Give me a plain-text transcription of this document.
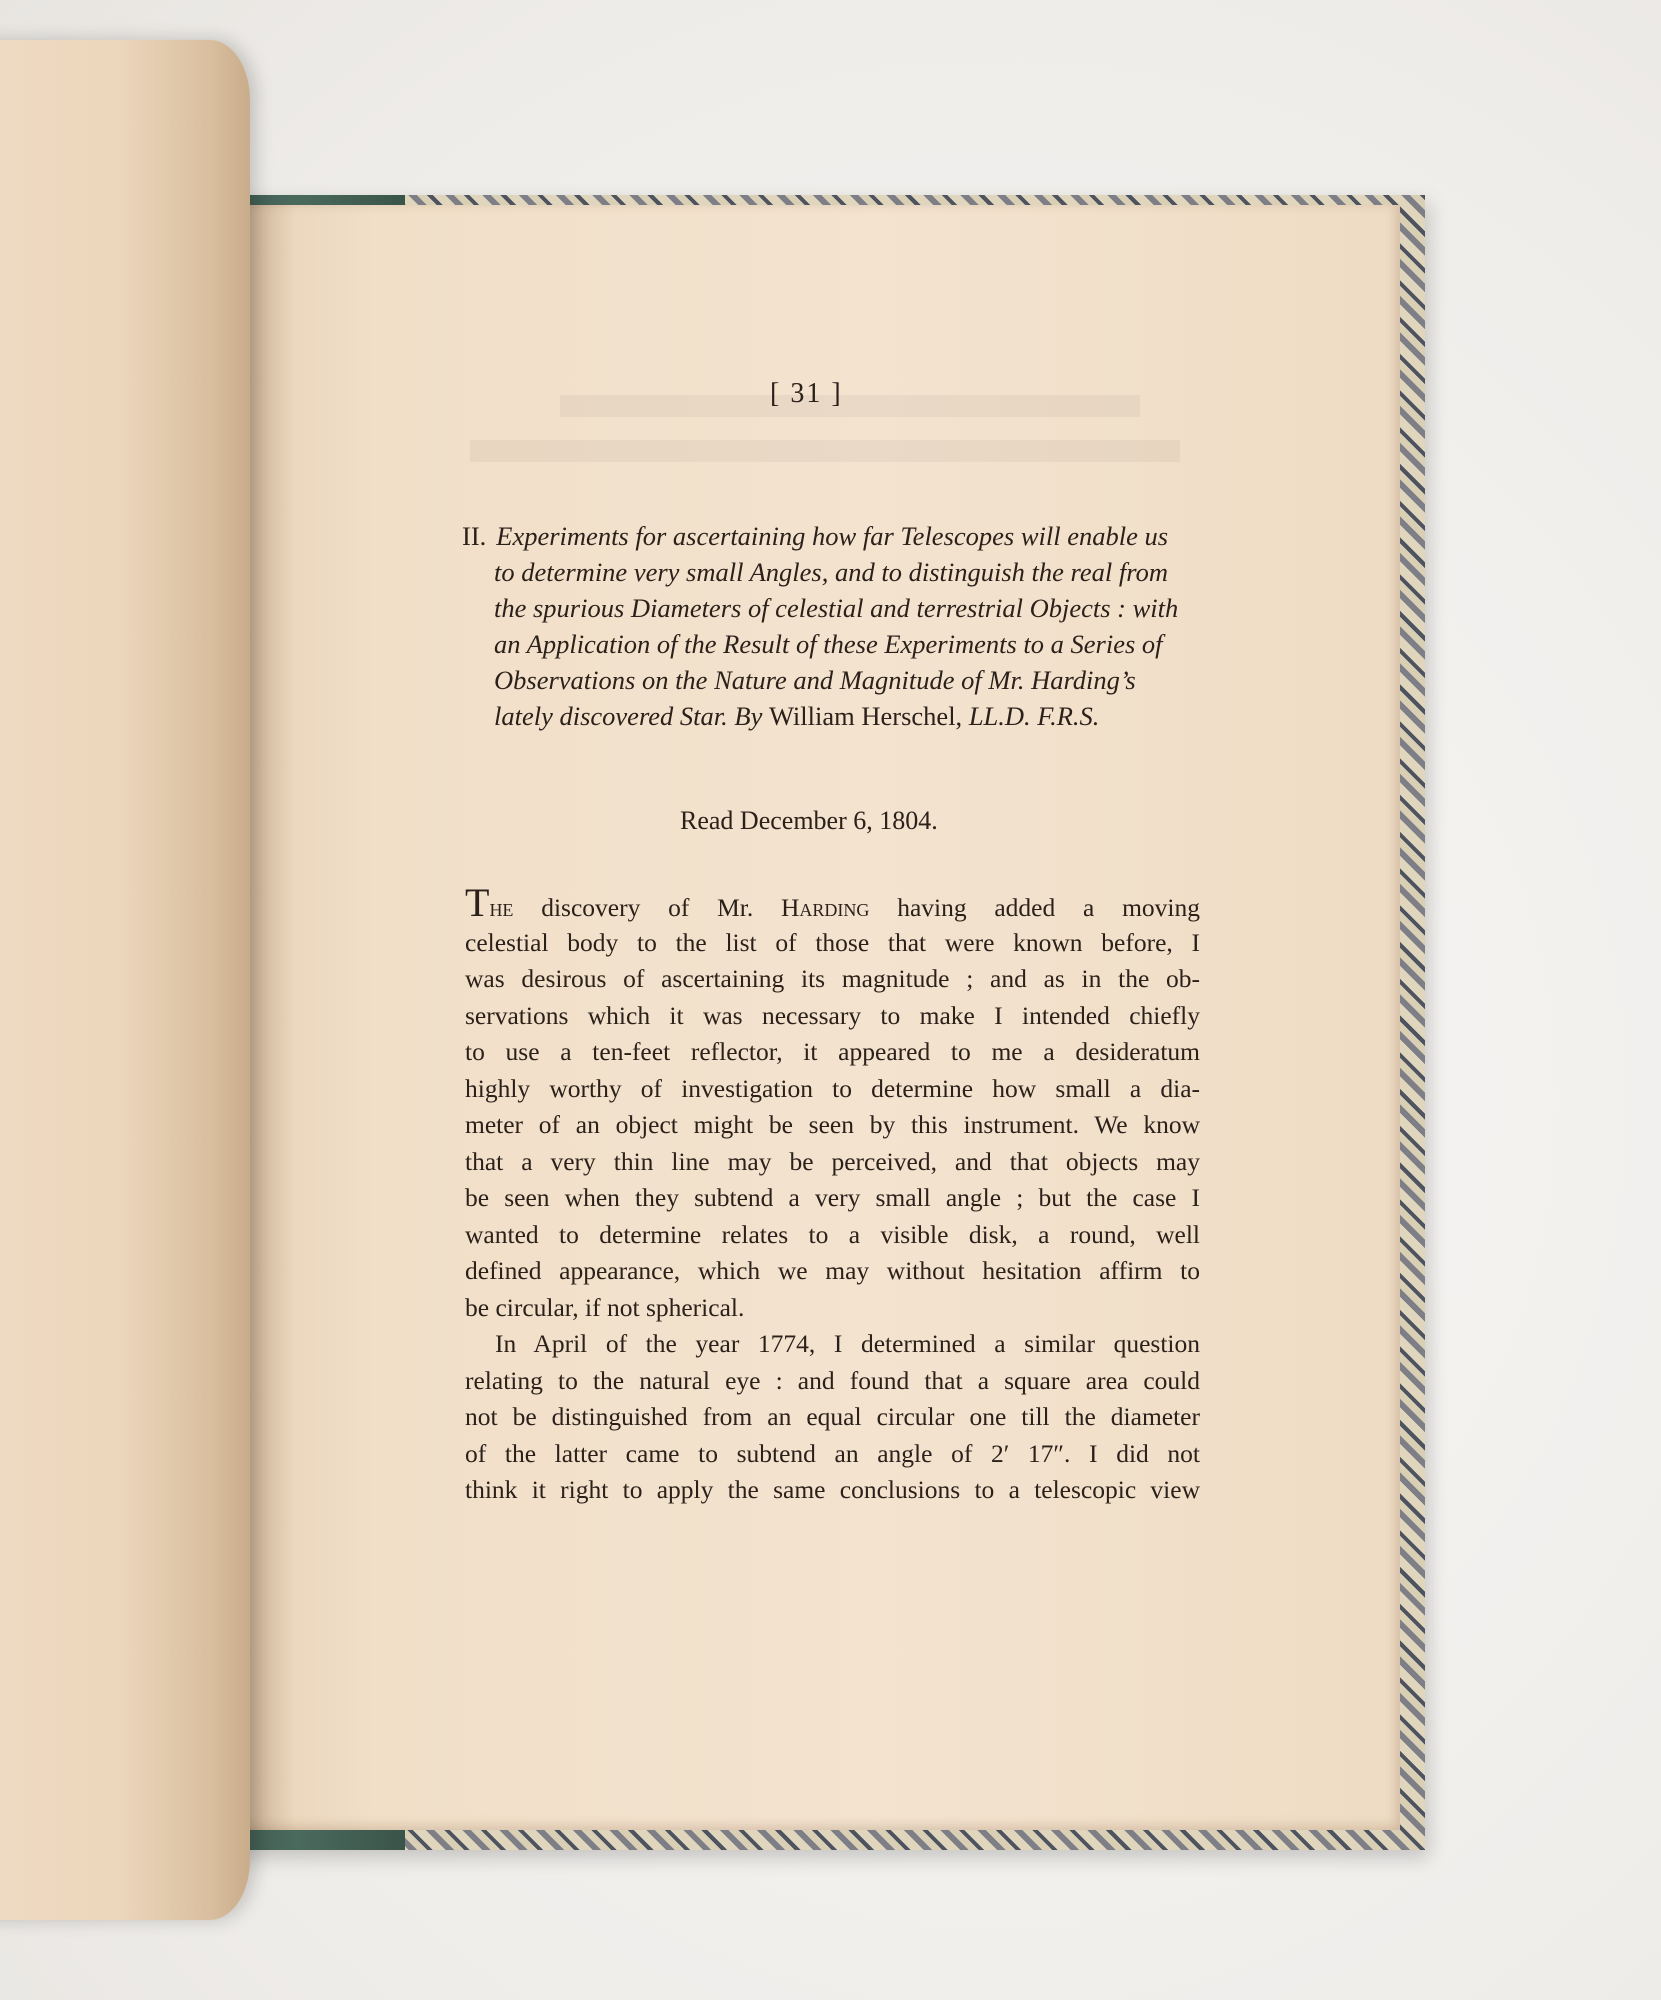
[ 31 ]
II. Experiments for ascertaining how far Telescopes will enable us
to determine very small Angles, and to distinguish the real from
the spurious Diameters of celestial and terrestrial Objects : with
an Application of the Result of these Experiments to a Series of
Observations on the Nature and Magnitude of Mr. Harding’s
lately discovered Star. By William Herschel, LL.D. F.R.S.
Read December 6, 1804.
The discovery of Mr. Harding having added a moving
celestial body to the list of those that were known before, I
was desirous of ascertaining its magnitude ; and as in the ob-
servations which it was necessary to make I intended chiefly
to use a ten-feet reflector, it appeared to me a desideratum
highly worthy of investigation to determine how small a dia-
meter of an object might be seen by this instrument. We know
that a very thin line may be perceived, and that objects may
be seen when they subtend a very small angle ; but the case I
wanted to determine relates to a visible disk, a round, well
defined appearance, which we may without hesitation affirm to
be circular, if not spherical.
In April of the year 1774, I determined a similar question
relating to the natural eye : and found that a square area could
not be distinguished from an equal circular one till the diameter
of the latter came to subtend an angle of 2′ 17″. I did not
think it right to apply the same conclusions to a telescopic view
